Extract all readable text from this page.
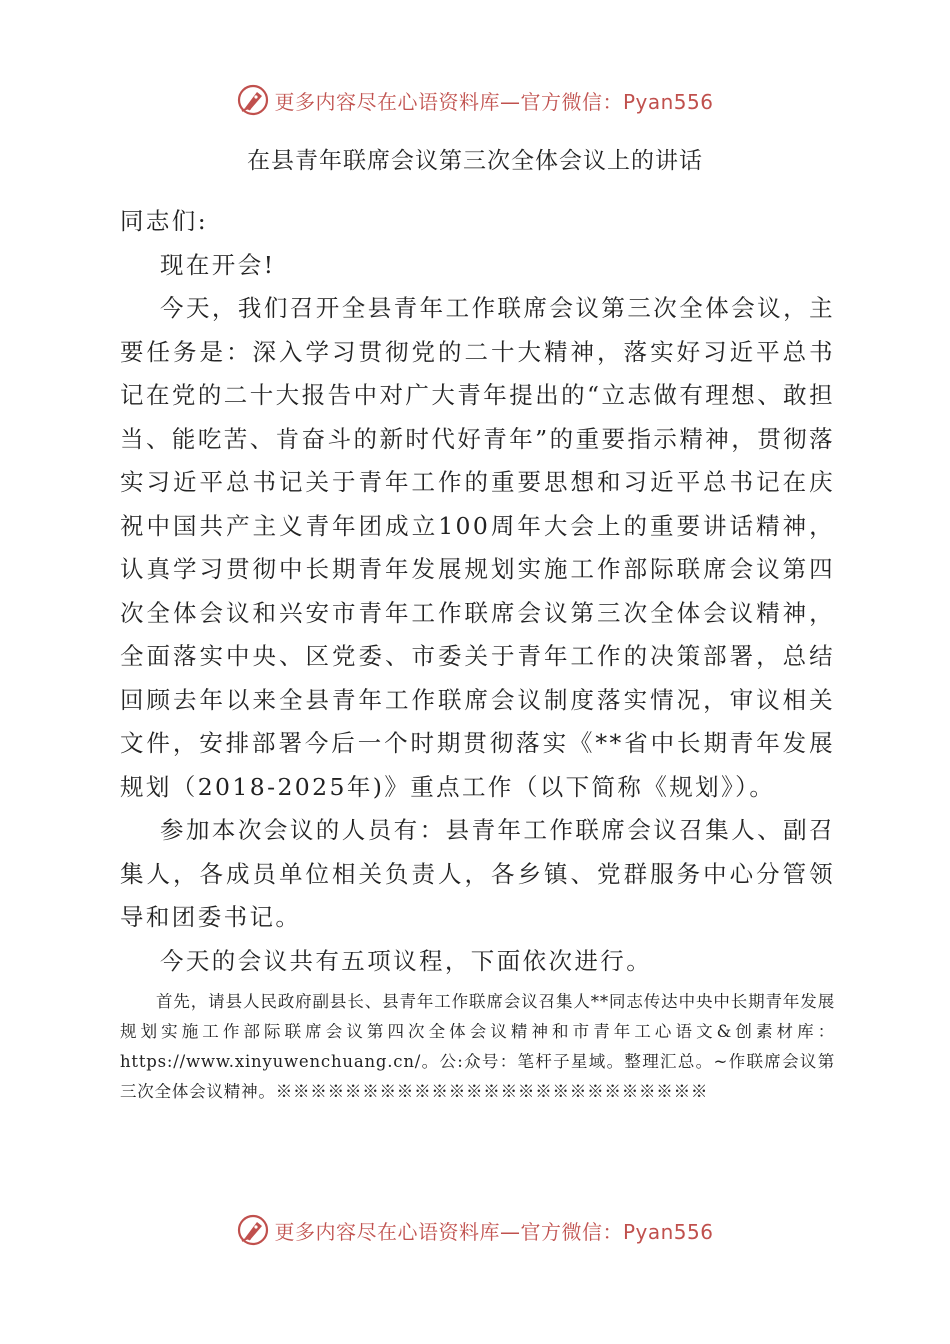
更多内容尽在心语资料库—官方微信：Pyan556
在县青年联席会议第三次全体会议上的讲话

同志们:

现在开会!

今天，我们召开全县青年工作联席会议第三次全体会议，主要任务是：深入学习贯彻党的二十大精神，落实好习近平总书记在党的二十大报告中对广大青年提出的“立志做有理想、敢担当、能吃苦、肯奋斗的新时代好青年”的重要指示精神，贯彻落实习近平总书记关于青年工作的重要思想和习近平总书记在庆祝中国共产主义青年团成立100周年大会上的重要讲话精神，认真学习贯彻中长期青年发展规划实施工作部际联席会议第四次全体会议和兴安市青年工作联席会议第三次全体会议精神，全面落实中央、区党委、市委关于青年工作的决策部署，总结回顾去年以来全县青年工作联席会议制度落实情况，审议相关文件，安排部署今后一个时期贯彻落实《**省中长期青年发展规划（2018-2025年)》重点工作（以下简称《规划》）。

参加本次会议的人员有：县青年工作联席会议召集人、副召集人，各成员单位相关负责人，各乡镇、党群服务中心分管领导和团委书记。

今天的会议共有五项议程，下面依次进行。

首先，请县人民政府副县长、县青年工作联席会议召集人**同志传达中央中长期青年发展规划实施工作部际联席会议第四次全体会议精神和市青年工心语文&创素材库：https://www.xinyuwenchuang.cn/。公:众号：笔杆子星域。整理汇总。~作联席会议第三次全体会议精神。※※※※※※※※※※※※※※※※※※※※※※※※※

更多内容尽在心语资料库—官方微信：Pyan556
